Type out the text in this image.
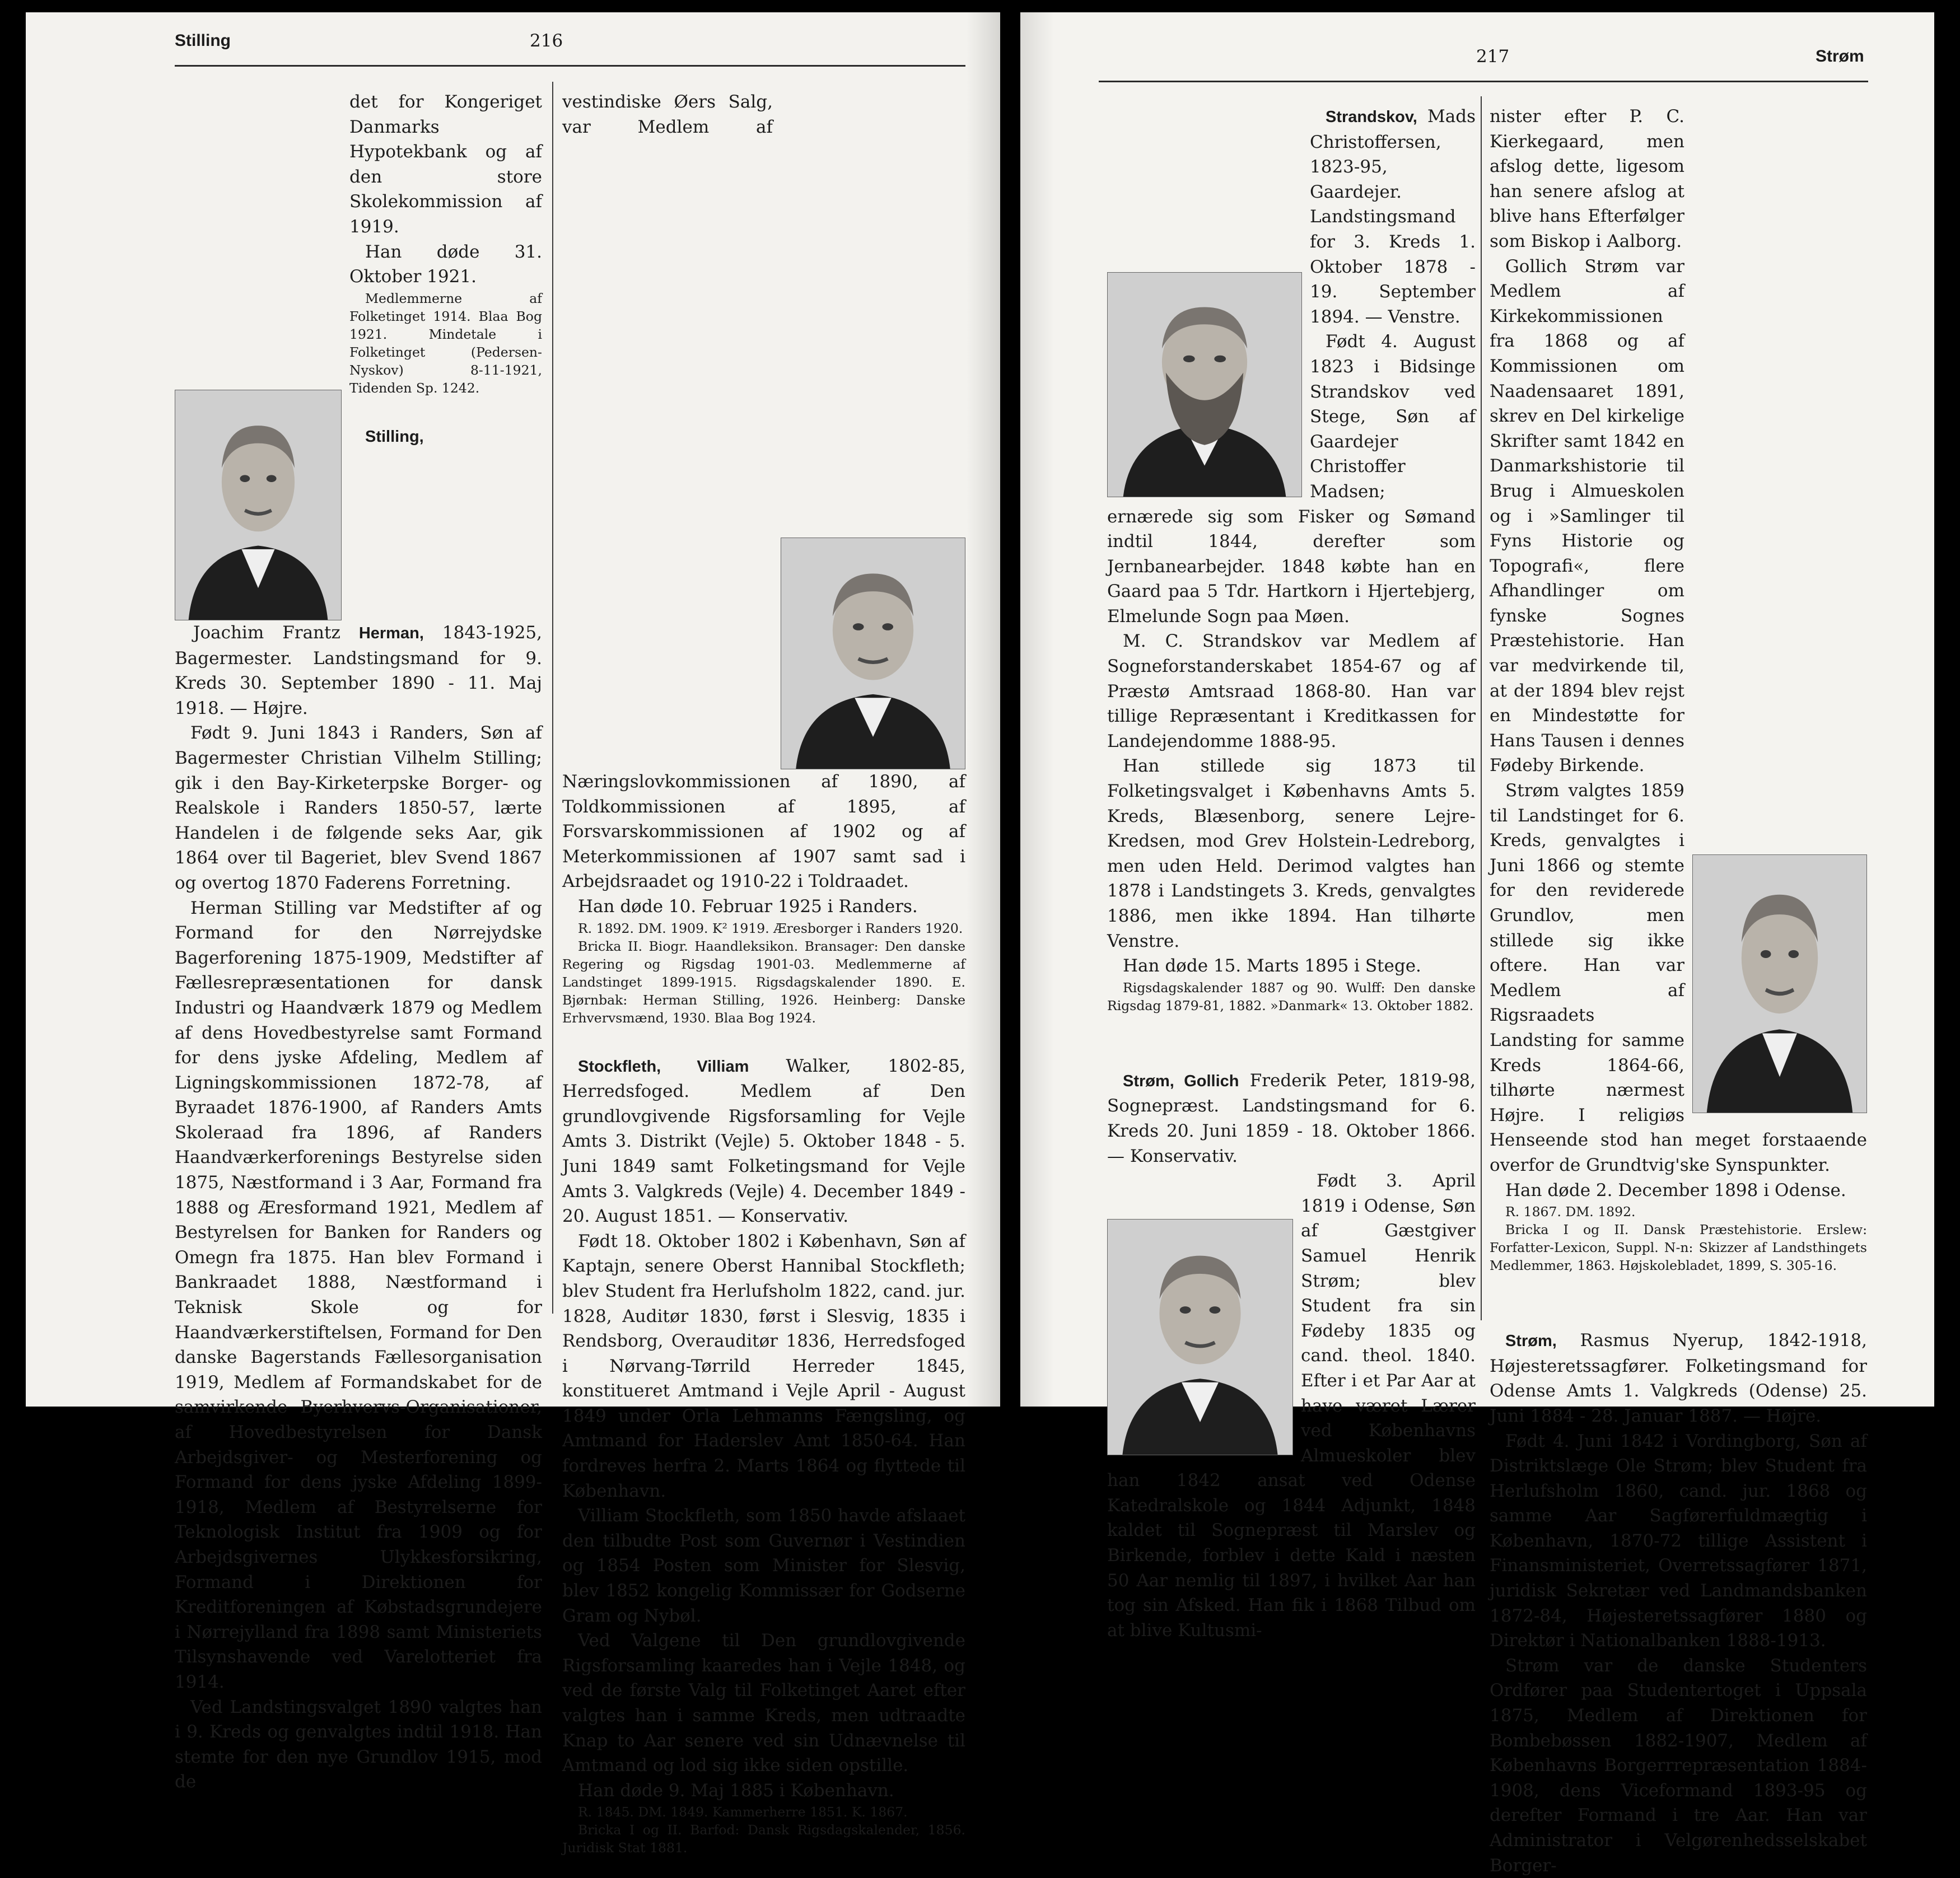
Stilling	216

det for Kongeriget Danmarks Hypotekbank og af den store Skolekommission af 1919.

Han døde 31. Oktober 1921.

Medlemmerne af Folketinget 1914. Blaa Bog 1921. Mindetale i Folketinget (Pedersen-Nyskov) 8-11-1921, Tidenden Sp. 1242.

Stilling, Joachim Frantz Herman, 1843-1925, Bagermester. Landstingsmand for 9. Kreds 30. September 1890 - 11. Maj 1918. — Højre.

Født 9. Juni 1843 i Randers, Søn af Bagermester Christian Vilhelm Stilling; gik i den Bay-Kirketerpske Borger- og Realskole i Randers 1850-57, lærte Handelen i de følgende seks Aar, gik 1864 over til Bageriet, blev Svend 1867 og overtog 1870 Faderens Forretning.

Herman Stilling var Medstifter af og Formand for den Nørrejydske Bagerforening 1875-1909, Medstifter af Fællesrepræsentationen for dansk Industri og Haandværk 1879 og Medlem af dens Hovedbestyrelse samt Formand for dens jyske Afdeling, Medlem af Ligningskommissionen 1872-78, af Byraadet 1876-1900, af Randers Amts Skoleraad fra 1896, af Randers Haandværkerforenings Bestyrelse siden 1875, Næstformand i 3 Aar, Formand fra 1888 og Æresformand 1921, Medlem af Bestyrelsen for Banken for Randers og Omegn fra 1875. Han blev Formand i Bankraadet 1888, Næstformand i Teknisk Skole og for Haandværkerstiftelsen, Formand for Den danske Bagerstands Fællesorganisation 1919, Medlem af Formandskabet for de samvirkende Byerhvervs-Organisationer, af Hovedbestyrelsen for Dansk Arbejdsgiver- og Mesterforening og Formand for dens jyske Afdeling 1899-1918, Medlem af Bestyrelserne for Teknologisk Institut fra 1909 og for Arbejdsgivernes Ulykkesforsikring, Formand i Direktionen for Kreditforeningen af Købstadsgrundejere i Nørrejylland fra 1898 samt Ministeriets Tilsynshavende ved Varelotteriet fra 1914.

Ved Landstingsvalget 1890 valgtes han i 9. Kreds og genvalgtes indtil 1918. Han stemte for den nye Grundlov 1915, mod de

vestindiske Øers Salg, var Medlem af Næringslovkommissionen af 1890, af Toldkommissionen af 1895, af Forsvarskommissionen af 1902 og af Meterkommissionen af 1907 samt sad i Arbejdsraadet og 1910-22 i Toldraadet.

Han døde 10. Februar 1925 i Randers.

R. 1892. DM. 1909. K² 1919. Æresborger i Randers 1920.

Bricka II. Biogr. Haandleksikon. Bransager: Den danske Regering og Rigsdag 1901-03. Medlemmerne af Landstinget 1899-1915. Rigsdagskalender 1890. E. Bjørnbak: Herman Stilling, 1926. Heinberg: Danske Erhvervsmænd, 1930. Blaa Bog 1924.

Stockfleth, Villiam Walker, 1802-85, Herredsfoged. Medlem af Den grundlovgivende Rigsforsamling for Vejle Amts 3. Distrikt (Vejle) 5. Oktober 1848 - 5. Juni 1849 samt Folketingsmand for Vejle Amts 3. Valgkreds (Vejle) 4. December 1849 - 20. August 1851. — Konservativ.

Født 18. Oktober 1802 i København, Søn af Kaptajn, senere Oberst Hannibal Stockfleth; blev Student fra Herlufsholm 1822, cand. jur. 1828, Auditør 1830, først i Slesvig, 1835 i Rendsborg, Overauditør 1836, Herredsfoged i Nørvang-Tørrild Herreder 1845, konstitueret Amtmand i Vejle April - August 1849 under Orla Lehmanns Fængsling, og Amtmand for Haderslev Amt 1850-64. Han fordreves herfra 2. Marts 1864 og flyttede til København.

Villiam Stockfleth, som 1850 havde afslaaet den tilbudte Post som Guvernør i Vestindien og 1854 Posten som Minister for Slesvig, blev 1852 kongelig Kommissær for Godserne Gram og Nybøl.

Ved Valgene til Den grundlovgivende Rigsforsamling kaaredes han i Vejle 1848, og ved de første Valg til Folketinget Aaret efter valgtes han i samme Kreds, men udtraadte Knap to Aar senere ved sin Udnævnelse til Amtmand og lod sig ikke siden opstille.

Han døde 9. Maj 1885 i København.

R. 1845. DM. 1849. Kammerherre 1851. K. 1867.

Bricka I og II. Barfod: Dansk Rigsdagskalender, 1856. Juridisk Stat 1881.

217	Strøm

Strandskov, Mads Christoffersen, 1823-95, Gaardejer. Landstingsmand for 3. Kreds 1. Oktober 1878 - 19. September 1894. — Venstre.

Født 4. August 1823 i Bidsinge Strandskov ved Stege, Søn af Gaardejer Christoffer Madsen; ernærede sig som Fisker og Sømand indtil 1844, derefter som Jernbanearbejder. 1848 købte han en Gaard paa 5 Tdr. Hartkorn i Hjertebjerg, Elmelunde Sogn paa Møen.

M. C. Strandskov var Medlem af Sogneforstanderskabet 1854-67 og af Præstø Amtsraad 1868-80. Han var tillige Repræsentant i Kreditkassen for Landejendomme 1888-95.

Han stillede sig 1873 til Folketingsvalget i Københavns Amts 5. Kreds, Blæsenborg, senere Lejre-Kredsen, mod Grev Holstein-Ledreborg, men uden Held. Derimod valgtes han 1878 i Landstingets 3. Kreds, genvalgtes 1886, men ikke 1894. Han tilhørte Venstre.

Han døde 15. Marts 1895 i Stege.

Rigsdagskalender 1887 og 90. Wulff: Den danske Rigsdag 1879-81, 1882. »Danmark« 13. Oktober 1882.

Strøm, Gollich Frederik Peter, 1819-98, Sognepræst. Landstingsmand for 6. Kreds 20. Juni 1859 - 18. Oktober 1866. — Konservativ.

Født 3. April 1819 i Odense, Søn af Gæstgiver Samuel Henrik Strøm; blev Student fra sin Fødeby 1835 og cand. theol. 1840. Efter i et Par Aar at have været Lærer ved Københavns Almueskoler blev han 1842 ansat ved Odense Katedralskole og 1844 Adjunkt, 1848 kaldet til Sognepræst til Marslev og Birkende, forblev i dette Kald i næsten 50 Aar nemlig til 1897, i hvilket Aar han tog sin Afsked. Han fik i 1868 Tilbud om at blive Kultusmi-

nister efter P. C. Kierkegaard, men afslog dette, ligesom han senere afslog at blive hans Efterfølger som Biskop i Aalborg.

Gollich Strøm var Medlem af Kirkekommissionen fra 1868 og af Kommissionen om Naadensaaret 1891, skrev en Del kirkelige Skrifter samt 1842 en Danmarkshistorie til Brug i Almueskolen og i »Samlinger til Fyns Historie og Topografi«, flere Afhandlinger om fynske Sognes Præstehistorie. Han var medvirkende til, at der 1894 blev rejst en Mindestøtte for Hans Tausen i dennes Fødeby Birkende.

Strøm valgtes 1859 til Landstinget for 6. Kreds, genvalgtes i Juni 1866 og stemte for den reviderede Grundlov, men stillede sig ikke oftere. Han var Medlem af Rigsraadets Landsting for samme Kreds 1864-66, tilhørte nærmest Højre. I religiøs Henseende stod han meget forstaaende overfor de Grundtvig'ske Synspunkter.

Han døde 2. December 1898 i Odense.

R. 1867. DM. 1892.

Bricka I og II. Dansk Præstehistorie. Erslew: Forfatter-Lexicon, Suppl. N-n: Skizzer af Landsthingets Medlemmer, 1863. Højskolebladet, 1899, S. 305-16.

Strøm, Rasmus Nyerup, 1842-1918, Højesteretssagfører. Folketingsmand for Odense Amts 1. Valgkreds (Odense) 25. Juni 1884 - 28. Januar 1887. — Højre.

Født 4. Juni 1842 i Vordingborg, Søn af Distriktslæge Ole Strøm; blev Student fra Herlufsholm 1860, cand. jur. 1868 og samme Aar Sagførerfuldmægtig i København, 1870-72 tillige Assistent i Finansministeriet, Overretssagfører 1871, juridisk Sekretær ved Landmandsbanken 1872-84, Højesteretssagfører 1880 og Direktør i Nationalbanken 1888-1913.

Strøm var de danske Studenters Ordfører paa Studentertoget i Uppsala 1875, Medlem af Direktionen for Bombebøssen 1882-1907, Medlem af Københavns Borgerrrepræsentation 1884-1908, dens Viceformand 1893-95 og derefter Formand i tre Aar. Han var Administrator i Velgørenhedsselskabet Borger-
